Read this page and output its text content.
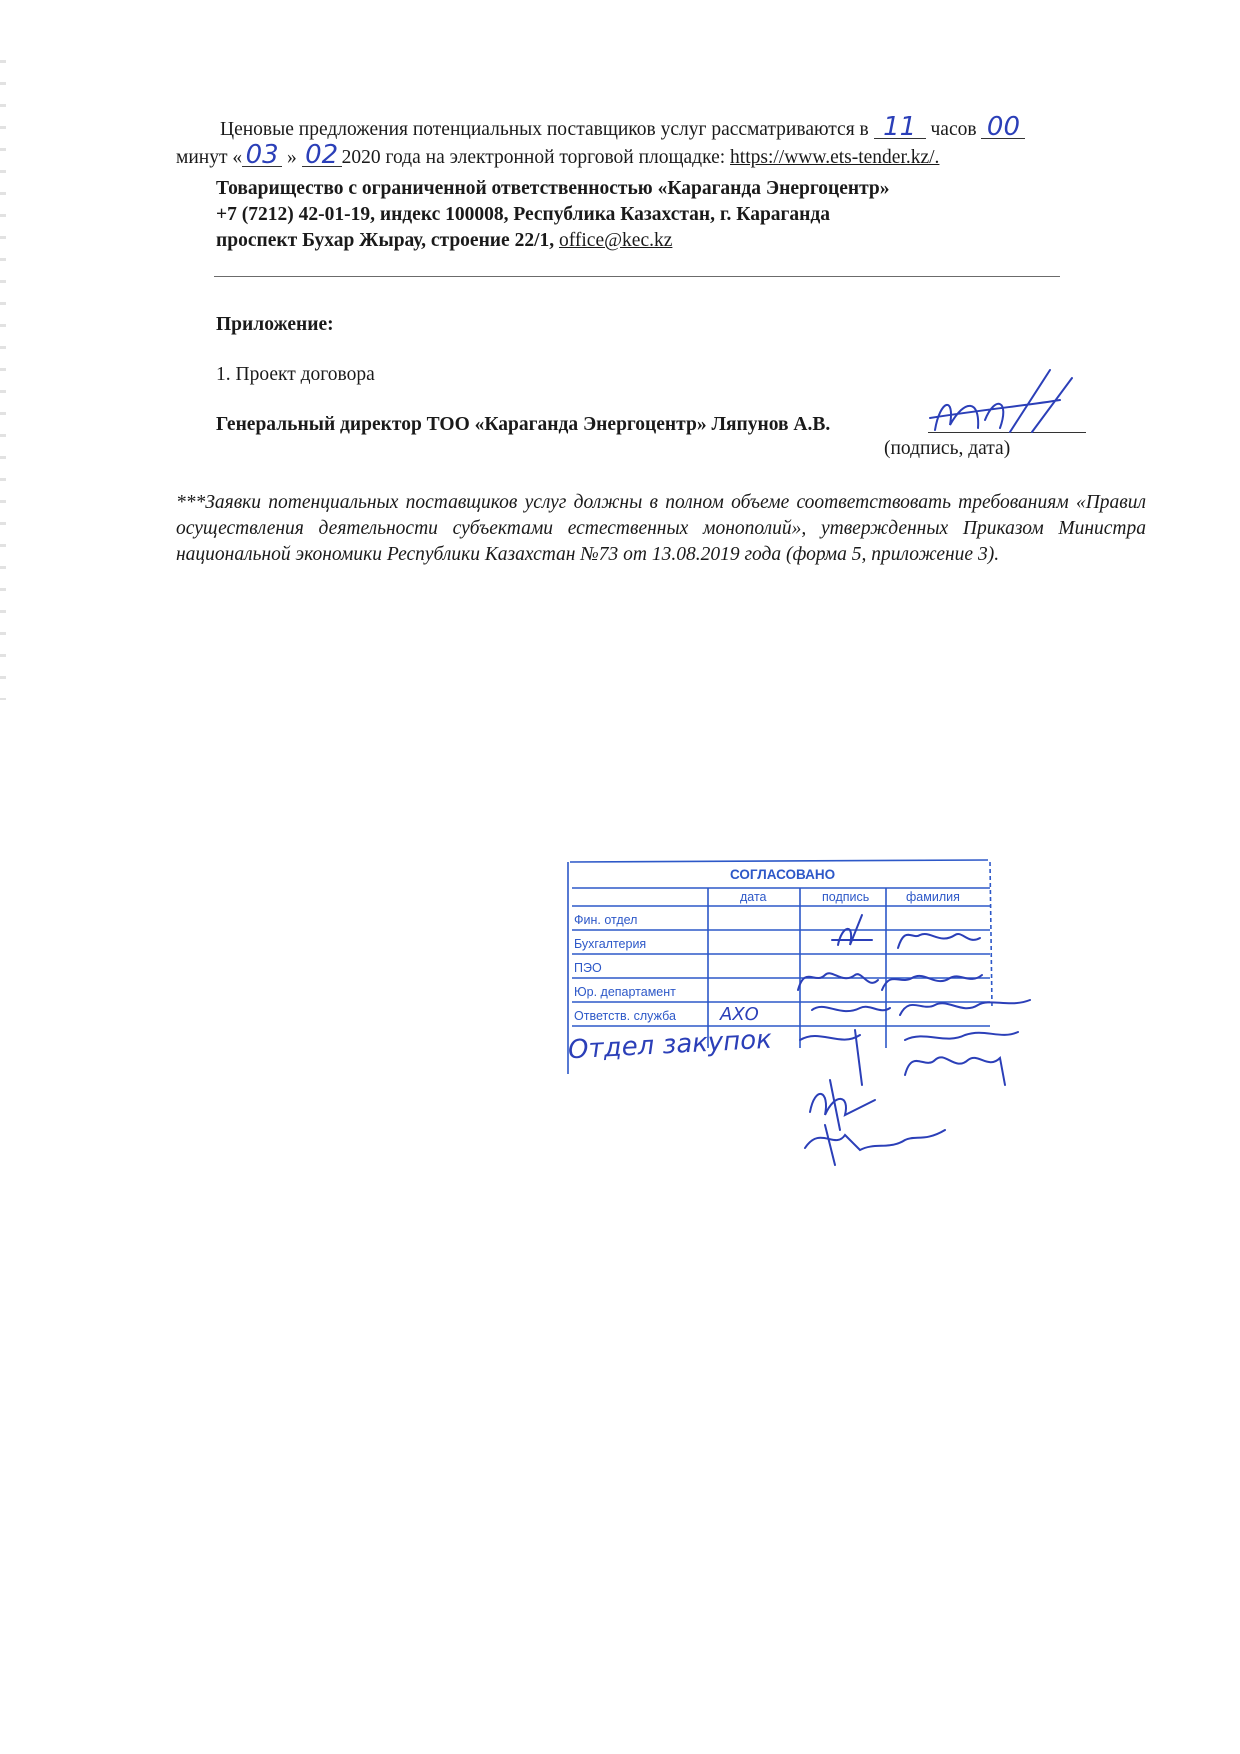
Ценовые предложения потенциальных поставщиков услуг рассматриваются в 11 часов 00
минут « 03 » 02 2020 года на электронной торговой площадке: https://www.ets-tender.kz/.
Товарищество с ограниченной ответственностью «Караганда Энергоцентр»
+7 (7212) 42-01-19, индекс 100008, Республика Казахстан, г. Караганда
проспект Бухар Жырау, строение 22/1, office@kec.kz
Приложение:
1. Проект договора
Генеральный директор ТОО «Караганда Энергоцентр» Ляпунов А.В.
(подпись, дата)
***Заявки потенциальных поставщиков услуг должны в полном объеме соответствовать требованиям «Правил осуществления деятельности субъектами естественных монополий», утвержденных Приказом Министра национальной экономики Республики Казахстан №73 от 13.08.2019 года (форма 5, приложение 3).
СОГЛАСОВАНО
дата	подпись	фамилия
Фин. отдел
Бухгалтерия
ПЭО
Юр. департамент
Ответств. служба АХО
Отдел закупок
